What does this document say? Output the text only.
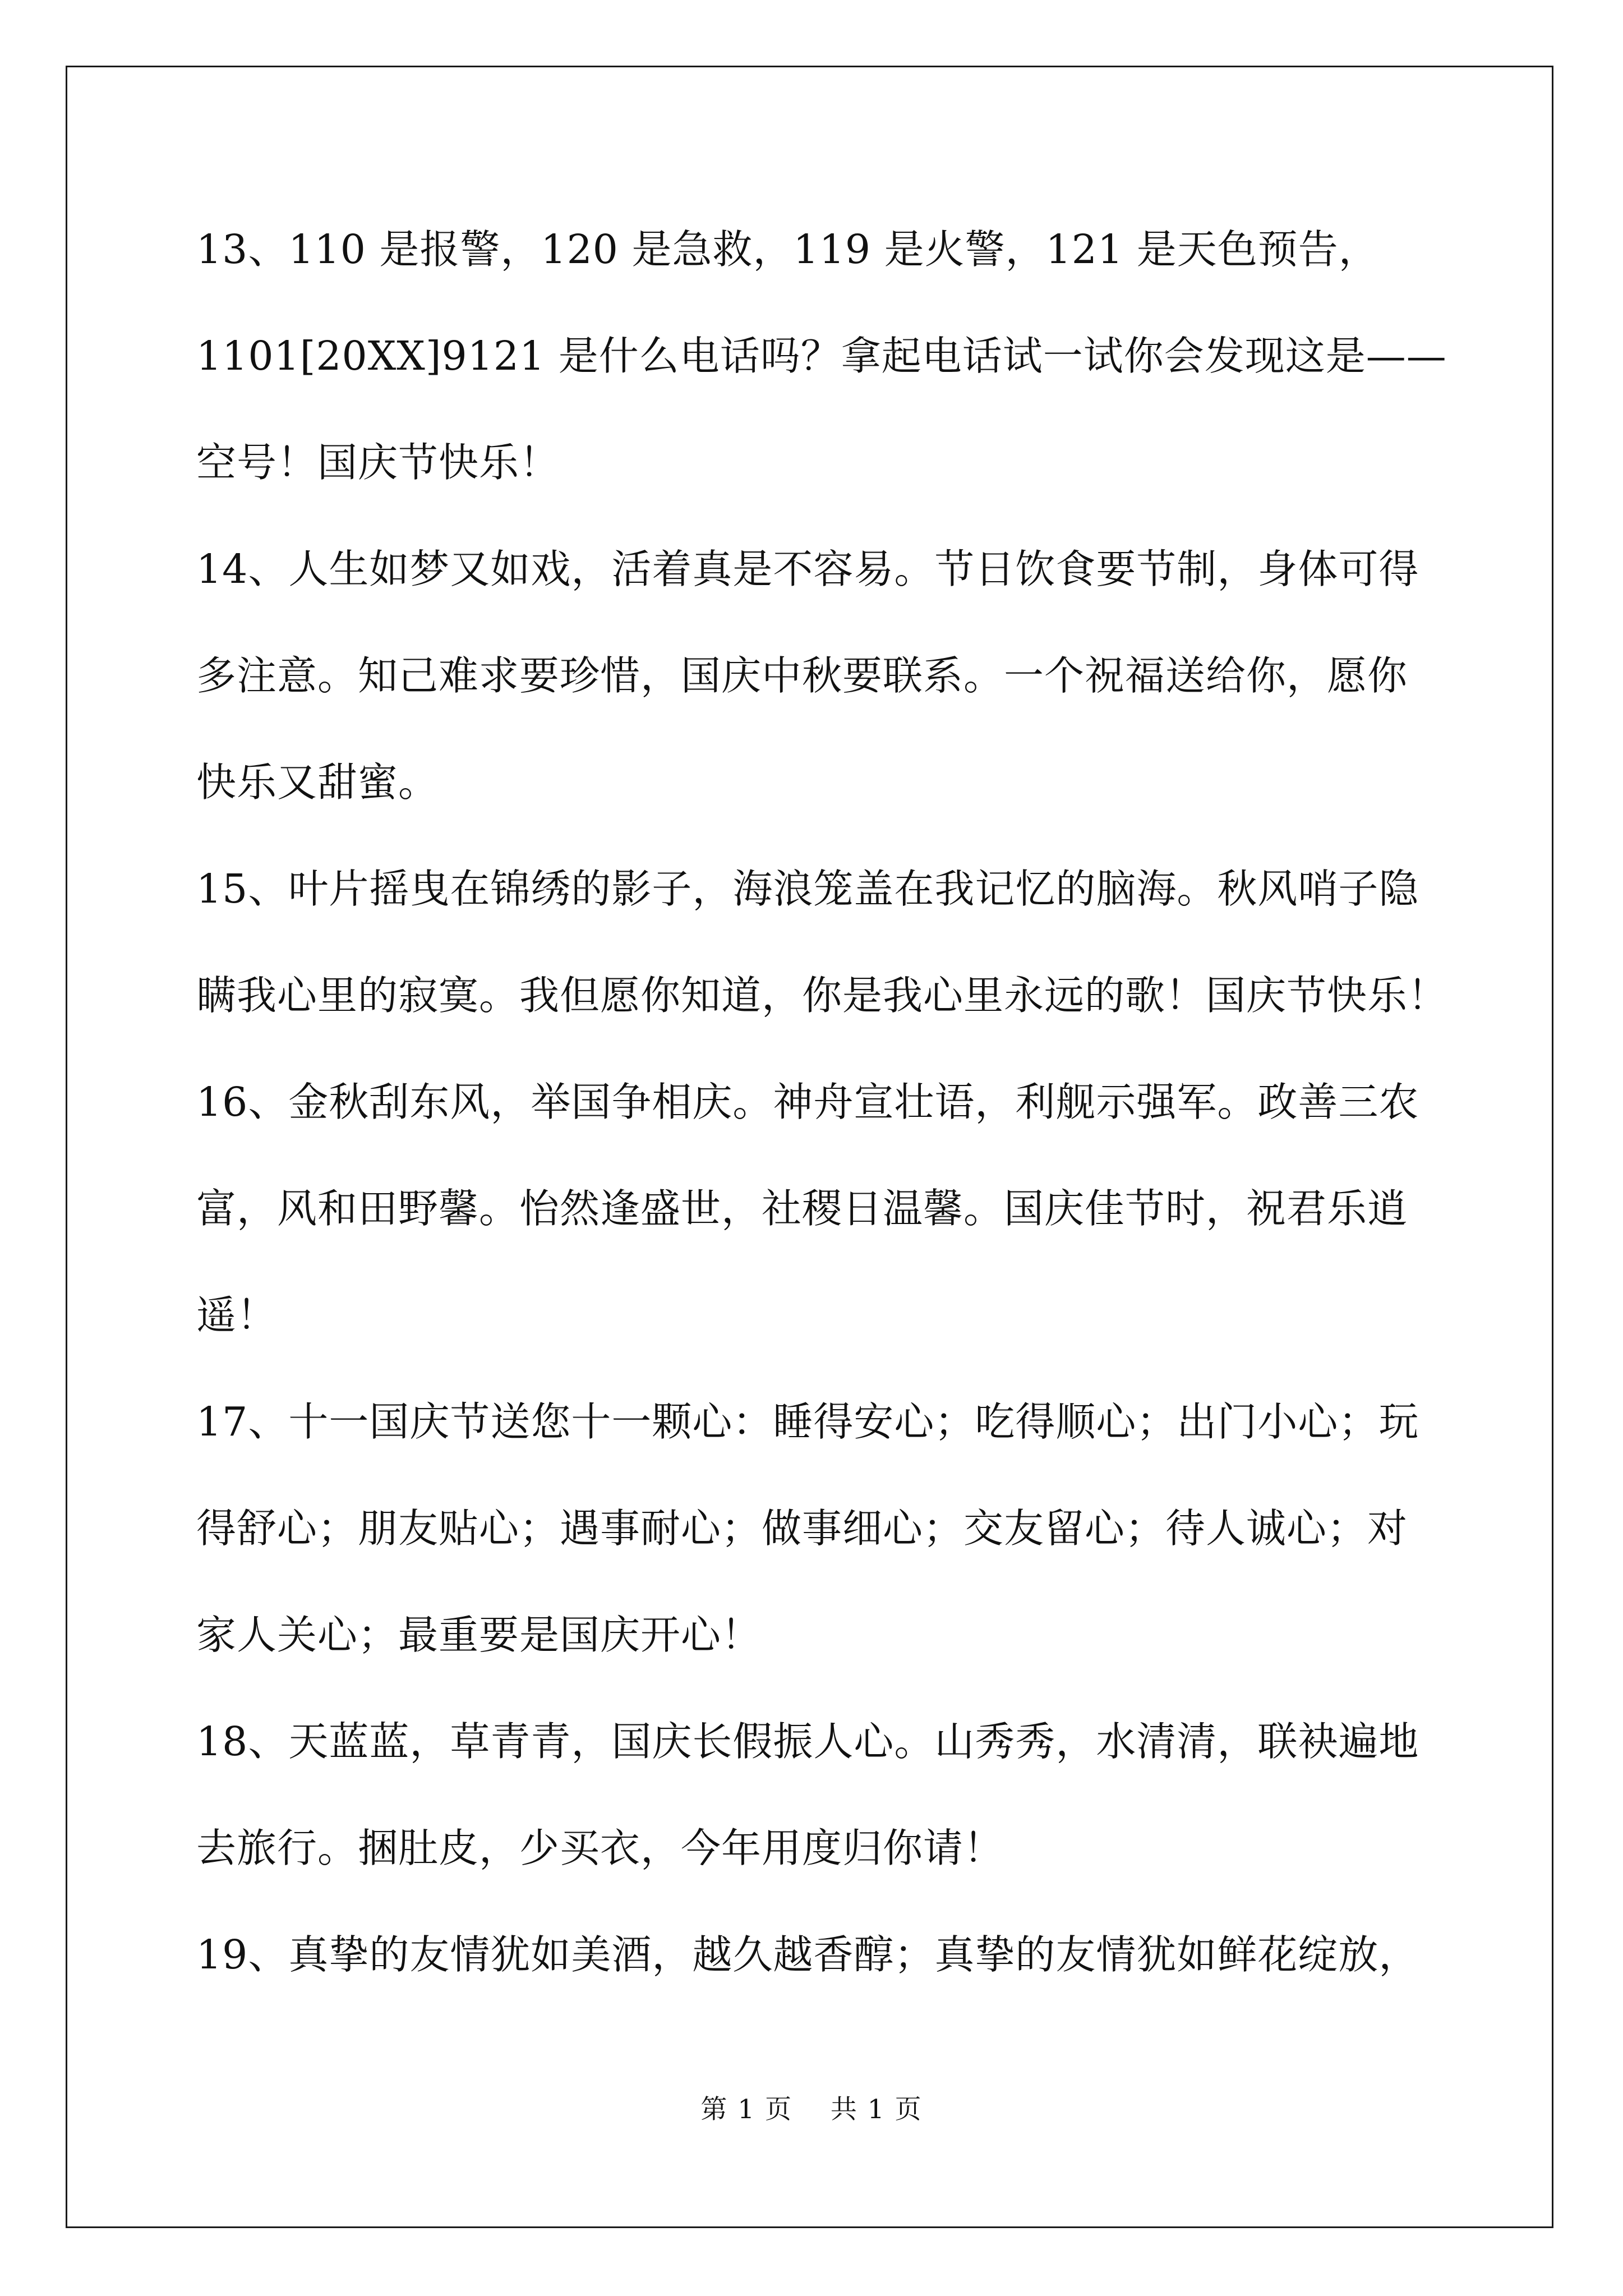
13、110 是报警，120 是急救，119 是火警，121 是天色预告，
1101[20XX]9121 是什么电话吗？拿起电话试一试你会发现这是——
空号！国庆节快乐！
14、人生如梦又如戏，活着真是不容易。节日饮食要节制，身体可得
多注意。知己难求要珍惜，国庆中秋要联系。一个祝福送给你，愿你
快乐又甜蜜。
15、叶片摇曳在锦绣的影子，海浪笼盖在我记忆的脑海。秋风哨子隐
瞒我心里的寂寞。我但愿你知道，你是我心里永远的歌！国庆节快乐！
16、金秋刮东风，举国争相庆。神舟宣壮语，利舰示强军。政善三农
富，风和田野馨。怡然逢盛世，社稷日温馨。国庆佳节时，祝君乐逍
遥！
17、十一国庆节送您十一颗心：睡得安心；吃得顺心；出门小心；玩
得舒心；朋友贴心；遇事耐心；做事细心；交友留心；待人诚心；对
家人关心；最重要是国庆开心！
18、天蓝蓝，草青青，国庆长假振人心。山秀秀，水清清，联袂遍地
去旅行。捆肚皮，少买衣，今年用度归你请！
19、真挚的友情犹如美酒，越久越香醇；真挚的友情犹如鲜花绽放，
第 1 页    共 1 页
